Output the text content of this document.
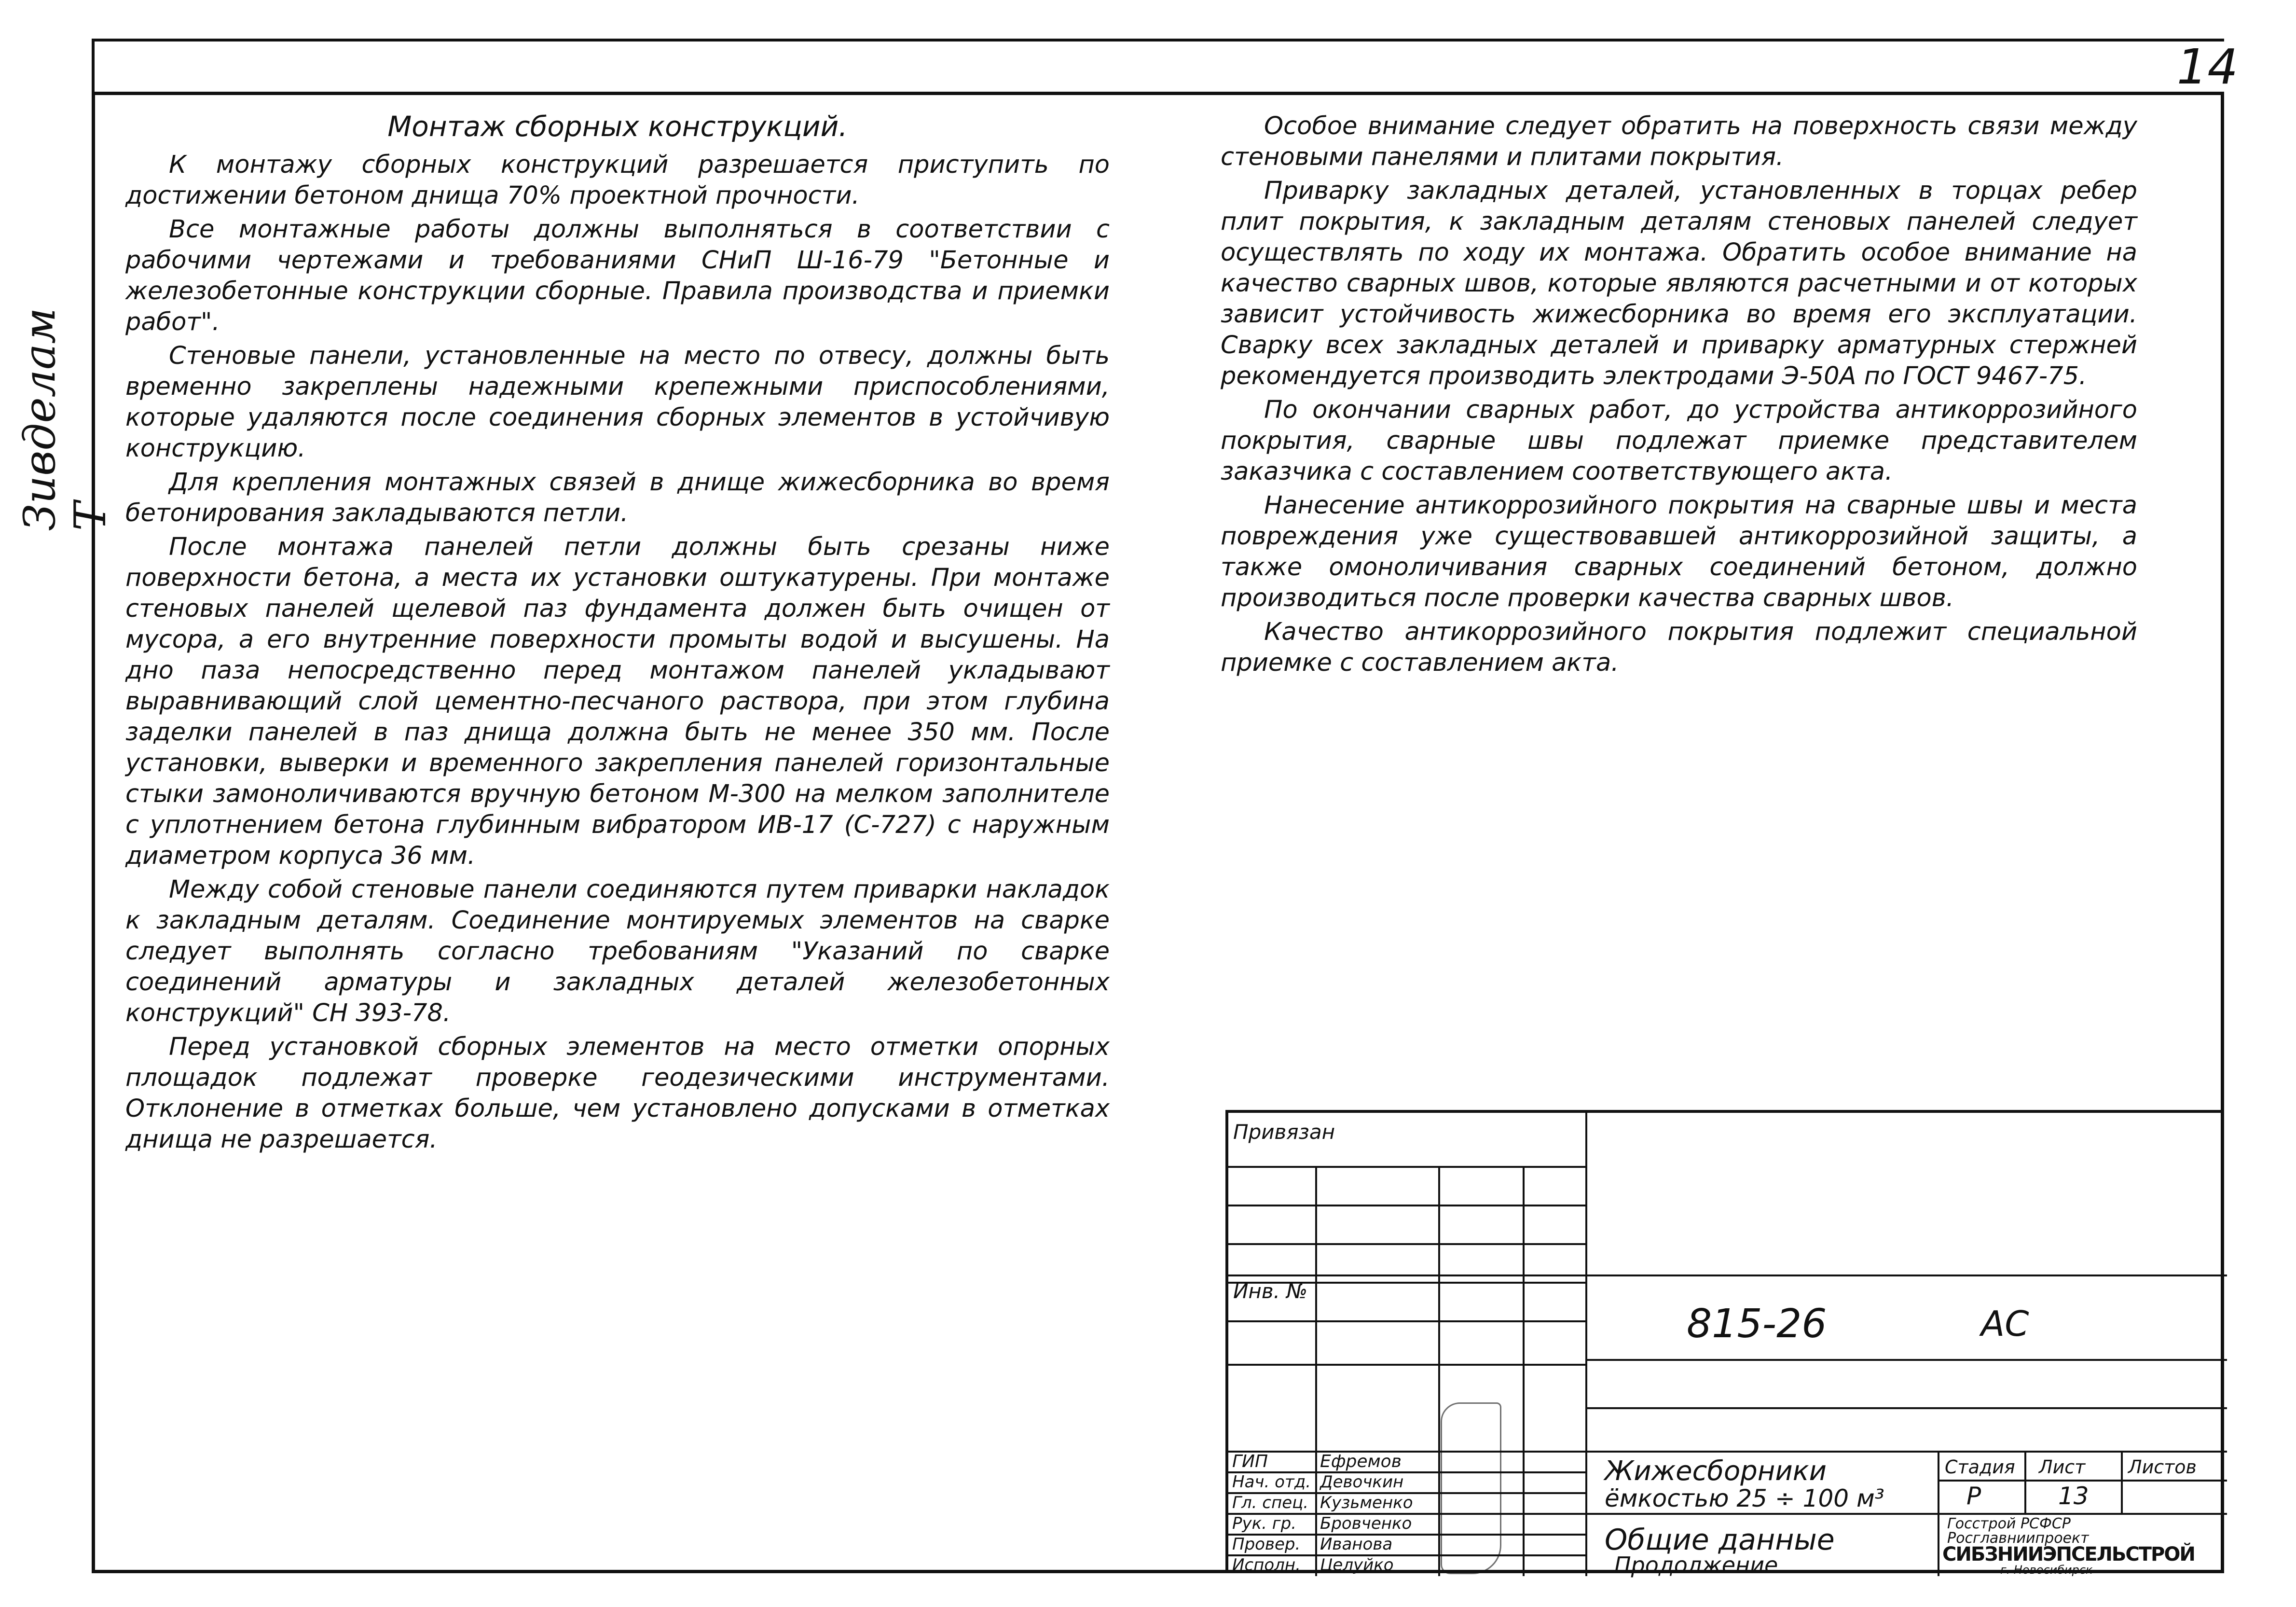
14
Зивделам Т
Монтаж сборных конструкций.

К монтажу сборных конструкций разрешается приступить по достижении бетоном днища 70% проектной прочности.

Все монтажные работы должны выполняться в соответствии с рабочими чертежами и требованиями СНиП Ш-16-79 "Бетонные и железобетонные конструкции сборные. Правила производства и приемки работ".

Стеновые панели, установленные на место по отвесу, должны быть временно закреплены надежными крепежными приспособлениями, которые удаляются после соединения сборных элементов в устойчивую конструкцию.

Для крепления монтажных связей в днище жижесборника во время бетонирования закладываются петли.

После монтажа панелей петли должны быть срезаны ниже поверхности бетона, а места их установки оштукатурены. При монтаже стеновых панелей щелевой паз фундамента должен быть очищен от мусора, а его внутренние поверхности промыты водой и высушены. На дно паза непосредственно перед монтажом панелей укладывают выравнивающий слой цементно-песчаного раствора, при этом глубина заделки панелей в паз днища должна быть не менее 350 мм. После установки, выверки и временного закрепления панелей горизонтальные стыки замоноличиваются вручную бетоном М-300 на мелком заполнителе с уплотнением бетона глубинным вибратором ИВ-17 (С-727) с наружным диаметром корпуса 36 мм.

Между собой стеновые панели соединяются путем приварки накладок к закладным деталям. Соединение монтируемых элементов на сварке следует выполнять согласно требованиям "Указаний по сварке соединений арматуры и закладных деталей железобетонных конструкций" СН 393-78.

Перед установкой сборных элементов на место отметки опорных площадок подлежат проверке геодезическими инструментами. Отклонение в отметках больше, чем установлено допусками в отметках днища не разрешается.

Особое внимание следует обратить на поверхность связи между стеновыми панелями и плитами покрытия.

Приварку закладных деталей, установленных в торцах ребер плит покрытия, к закладным деталям стеновых панелей следует осуществлять по ходу их монтажа. Обратить особое внимание на качество сварных швов, которые являются расчетными и от которых зависит устойчивость жижесборника во время его эксплуатации. Сварку всех закладных деталей и приварку арматурных стержней рекомендуется производить электродами Э-50А по ГОСТ 9467-75.

По окончании сварных работ, до устройства антикоррозийного покрытия, сварные швы подлежат приемке представителем заказчика с составлением соответствующего акта.

Нанесение антикоррозийного покрытия на сварные швы и места повреждения уже существовавшей антикоррозийной защиты, а также омоноличивания сварных соединений бетоном, должно производиться после проверки качества сварных швов.

Качество антикоррозийного покрытия подлежит специальной приемке с составлением акта.

Привязан
Инв. №
815-26	АС
Жижесборники
ёмкостью 25 ÷ 100 м³
Общие данные
Продолжение.
Стадия Лист Листов
Р	13
Госстрой РСФСР
Росглавниипроект
СИБЗНИИЭПСЕЛЬСТРОЙ
г. Новосибирск
ГИП	Ефремов
Нач. отд. Девочкин
Гл. спец. Кузьменко
Рук. гр. Бровченко
Провер. Иванова
Исполн. Целуйко
